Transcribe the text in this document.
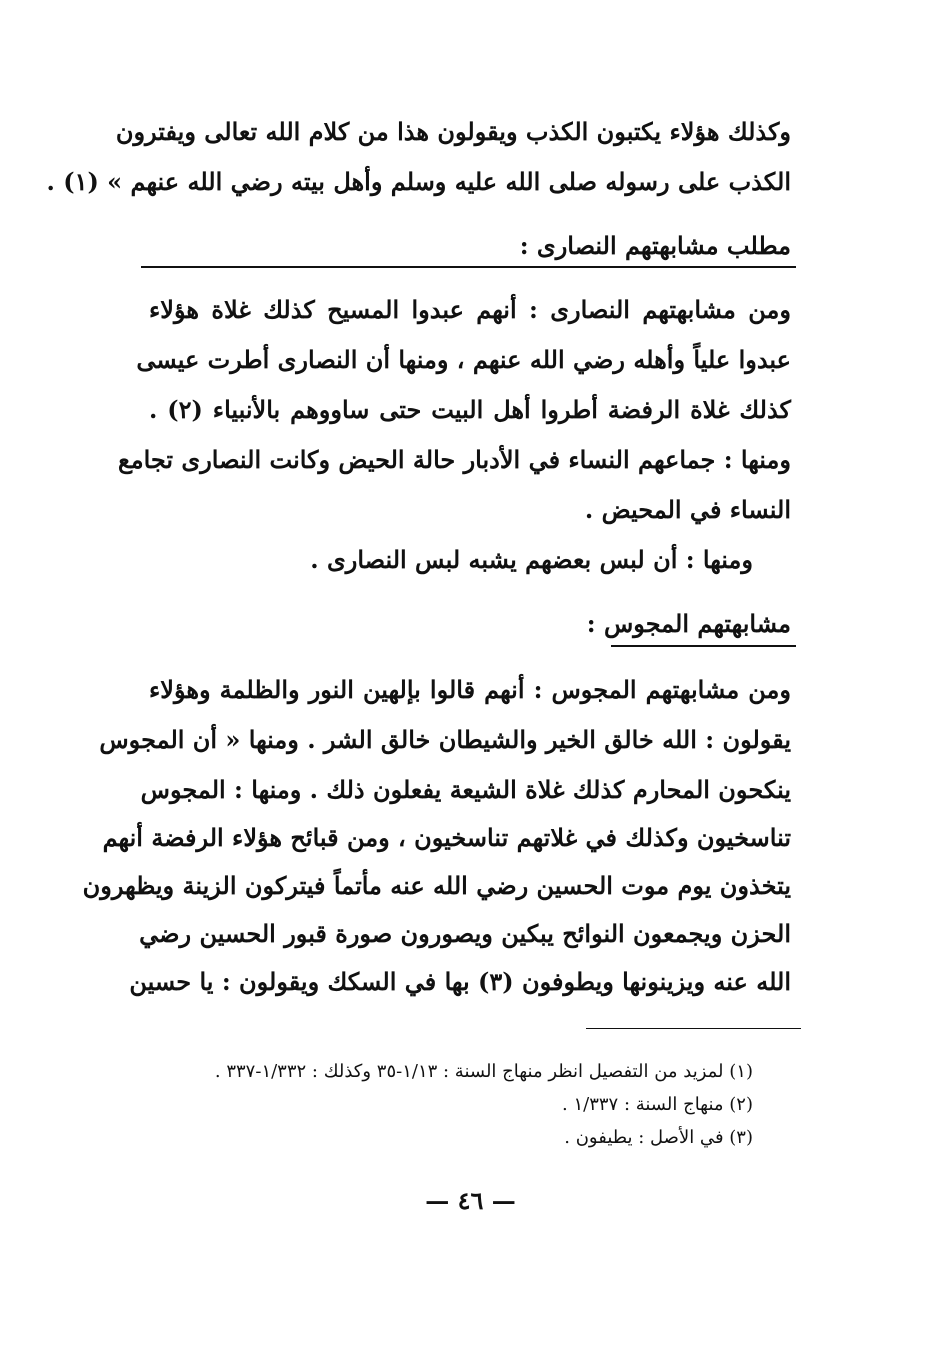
وكذلك هؤلاء يكتبون الكذب ويقولون هذا من كلام الله تعالى ويفترون
الكذب على رسوله صلى الله عليه وسلم وأهل بيته رضي الله عنهم » (١) .
مطلب مشابهتهم النصارى :
ومن مشابهتهم النصارى : أنهم عبدوا المسيح كذلك غلاة هؤلاء
عبدوا علياً وأهله رضي الله عنهم ، ومنها أن النصارى أطرت عيسى
كذلك غلاة الرفضة أطروا أهل البيت حتى ساووهم بالأنبياء (٢) .
ومنها : جماعهم النساء في الأدبار حالة الحيض وكانت النصارى تجامع
النساء في المحيض .
ومنها : أن لبس بعضهم يشبه لبس النصارى .
مشابهتهم المجوس :
ومن مشابهتهم المجوس : أنهم قالوا بإلهين النور والظلمة وهؤلاء
يقولون : الله خالق الخير والشيطان خالق الشر . ومنها « أن المجوس
ينكحون المحارم كذلك غلاة الشيعة يفعلون ذلك . ومنها : المجوس
تناسخيون وكذلك في غلاتهم تناسخيون ، ومن قبائح هؤلاء الرفضة أنهم
يتخذون يوم موت الحسين رضي الله عنه مأتماً فيتركون الزينة ويظهرون
الحزن ويجمعون النوائح يبكين ويصورون صورة قبور الحسين رضي
الله عنه ويزينونها ويطوفون (٣) بها في السكك ويقولون : يا حسين
(١) لمزيد من التفصيل انظر منهاج السنة : ١/١٣-٣٥ وكذلك : ١/٣٣٢-٣٣٧ .
(٢) منهاج السنة : ١/٣٣٧ .
(٣) في الأصل : يطيفون .
— ٤٦ —
